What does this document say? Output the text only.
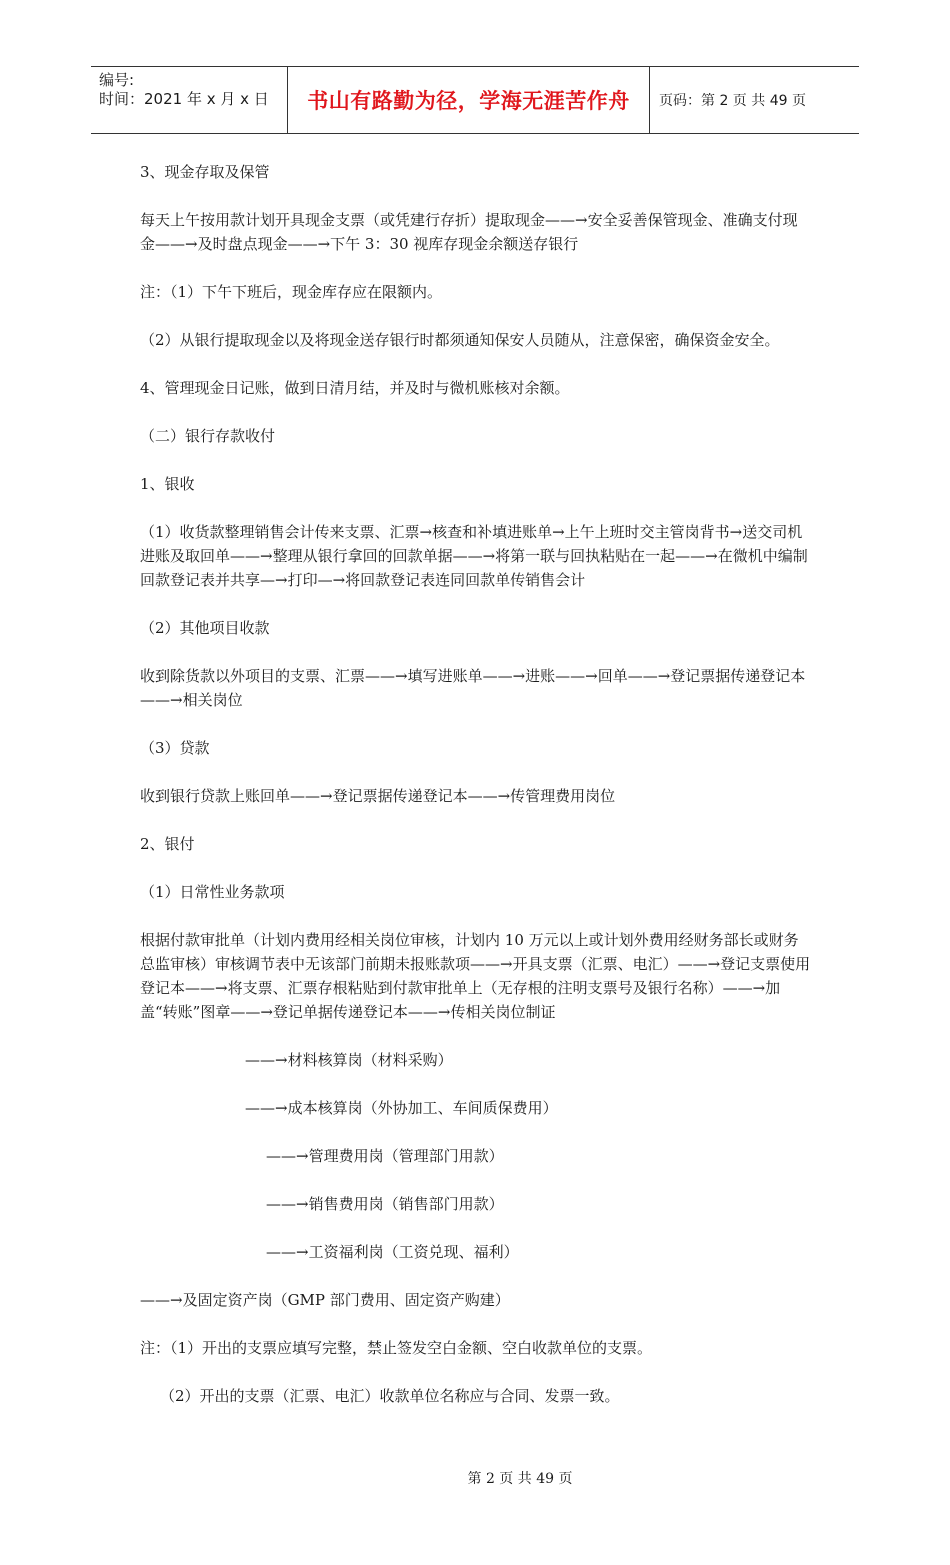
编号:
时间：2021 年 x 月 x 日	书山有路勤为径，学海无涯苦作舟 页码：第 2 页 共 49 页

3、现金存取及保管

每天上午按用款计划开具现金支票（或凭建行存折）提取现金——→安全妥善保管现金、准确支付现金——→及时盘点现金——→下午 3：30 视库存现金余额送存银行

注：（1）下午下班后，现金库存应在限额内。

（2）从银行提取现金以及将现金送存银行时都须通知保安人员随从，注意保密，确保资金安全。

4、管理现金日记账，做到日清月结，并及时与微机账核对余额。

（二）银行存款收付

1、银收

（1）收货款整理销售会计传来支票、汇票→核查和补填进账单→上午上班时交主管岗背书→送交司机进账及取回单——→整理从银行拿回的回款单据——→将第一联与回执粘贴在一起——→在微机中编制回款登记表并共享—→打印—→将回款登记表连同回款单传销售会计

（2）其他项目收款

收到除货款以外项目的支票、汇票——→填写进账单——→进账——→回单——→登记票据传递登记本——→相关岗位

（3）贷款

收到银行贷款上账回单——→登记票据传递登记本——→传管理费用岗位

2、银付

（1）日常性业务款项

根据付款审批单（计划内费用经相关岗位审核，计划内 10 万元以上或计划外费用经财务部长或财务总监审核）审核调节表中无该部门前期未报账款项——→开具支票（汇票、电汇）——→登记支票使用登记本——→将支票、汇票存根粘贴到付款审批单上（无存根的注明支票号及银行名称）——→加盖“转账”图章——→登记单据传递登记本——→传相关岗位制证

——→材料核算岗（材料采购）

——→成本核算岗（外协加工、车间质保费用）

——→管理费用岗（管理部门用款）

——→销售费用岗（销售部门用款）

——→工资福利岗（工资兑现、福利）

——→及固定资产岗（GMP 部门费用、固定资产购建）

注：（1）开出的支票应填写完整，禁止签发空白金额、空白收款单位的支票。

（2）开出的支票（汇票、电汇）收款单位名称应与合同、发票一致。

第 2 页 共 49 页
